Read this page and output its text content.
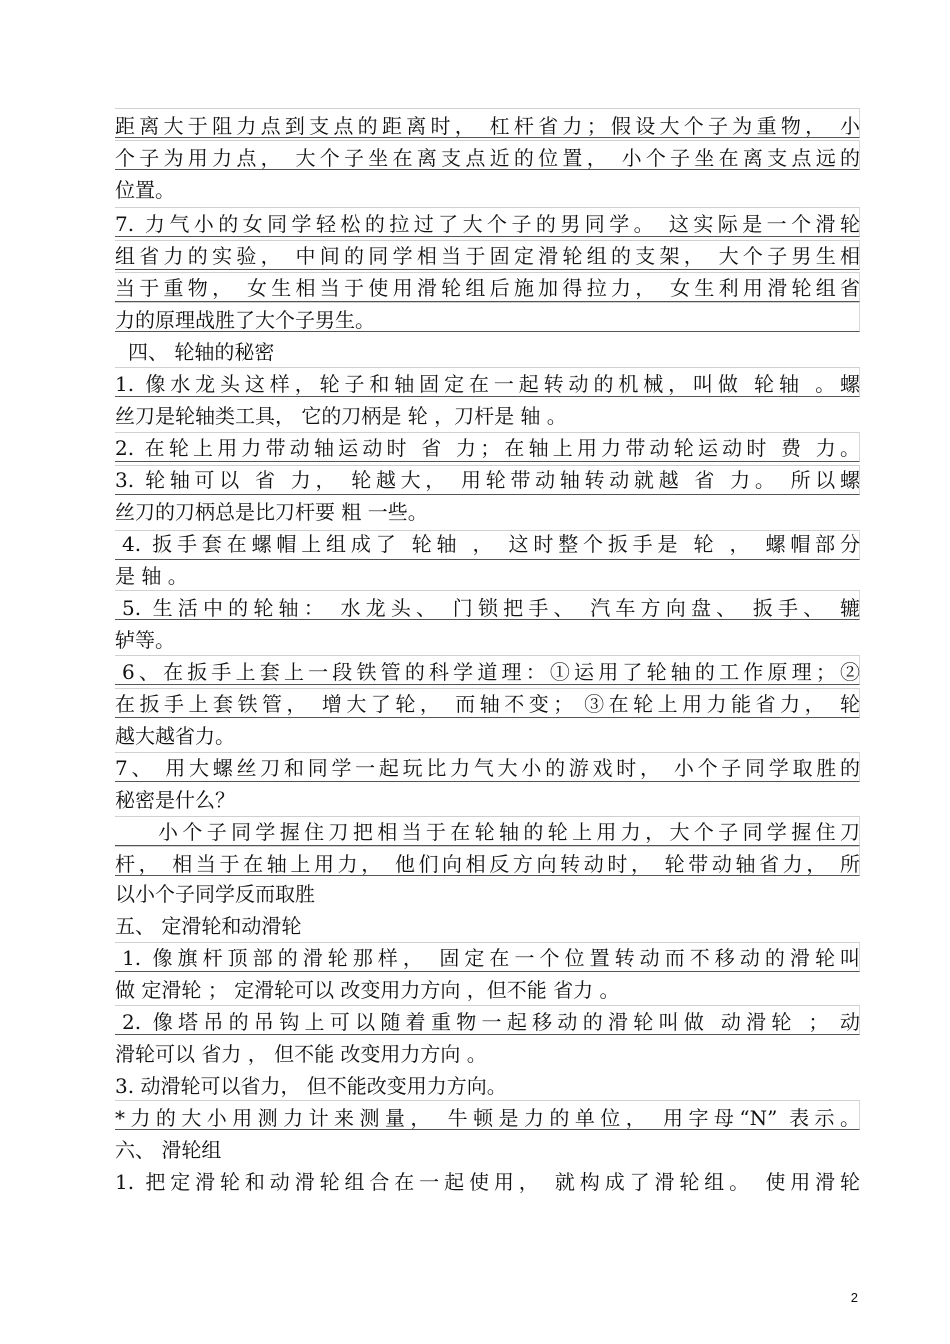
距离大于阻力点到支点的距离时， 杠杆省力；假设大个子为重物， 小
个子为用力点， 大个子坐在离支点近的位置， 小个子坐在离支点远的
位置。
7. 力气小的女同学轻松的拉过了大个子的男同学。 这实际是一个滑轮
组省力的实验， 中间的同学相当于固定滑轮组的支架， 大个子男生相
当于重物， 女生相当于使用滑轮组后施加得拉力， 女生利用滑轮组省
力的原理战胜了大个子男生。
四、 轮轴的秘密
1. 像水龙头这样，轮子和轴固定在一起转动的机械，叫做 轮轴 。螺
丝刀是轮轴类工具， 它的刀柄是 轮 ，刀杆是 轴 。
2. 在轮上用力带动轴运动时 省 力；在轴上用力带动轮运动时 费 力。
3. 轮轴可以 省 力， 轮越大， 用轮带动轴转动就越 省 力。 所以螺
丝刀的刀柄总是比刀杆要 粗 一些。
4. 扳手套在螺帽上组成了 轮轴 ， 这时整个扳手是 轮 ， 螺帽部分
是 轴 。
5. 生活中的轮轴： 水龙头、 门锁把手、 汽车方向盘、 扳手、 辘
轳等。
6、在扳手上套上一段铁管的科学道理：①运用了轮轴的工作原理；②
在扳手上套铁管， 增大了轮， 而轴不变； ③在轮上用力能省力， 轮
越大越省力。
7、 用大螺丝刀和同学一起玩比力气大小的游戏时， 小个子同学取胜的
秘密是什么？
小个子同学握住刀把相当于在轮轴的轮上用力，大个子同学握住刀
杆， 相当于在轴上用力， 他们向相反方向转动时， 轮带动轴省力， 所
以小个子同学反而取胜
五、 定滑轮和动滑轮
1. 像旗杆顶部的滑轮那样， 固定在一个位置转动而不移动的滑轮叫
做 定滑轮 ； 定滑轮可以 改变用力方向 ，但不能 省力 。
2. 像塔吊的吊钩上可以随着重物一起移动的滑轮叫做 动滑轮 ； 动
滑轮可以 省力 ， 但不能 改变用力方向 。
3. 动滑轮可以省力， 但不能改变用力方向。
*力的大小用测力计来测量， 牛顿是力的单位， 用字母“N” 表示。
六、 滑轮组
1. 把定滑轮和动滑轮组合在一起使用， 就构成了滑轮组。 使用滑轮
2
